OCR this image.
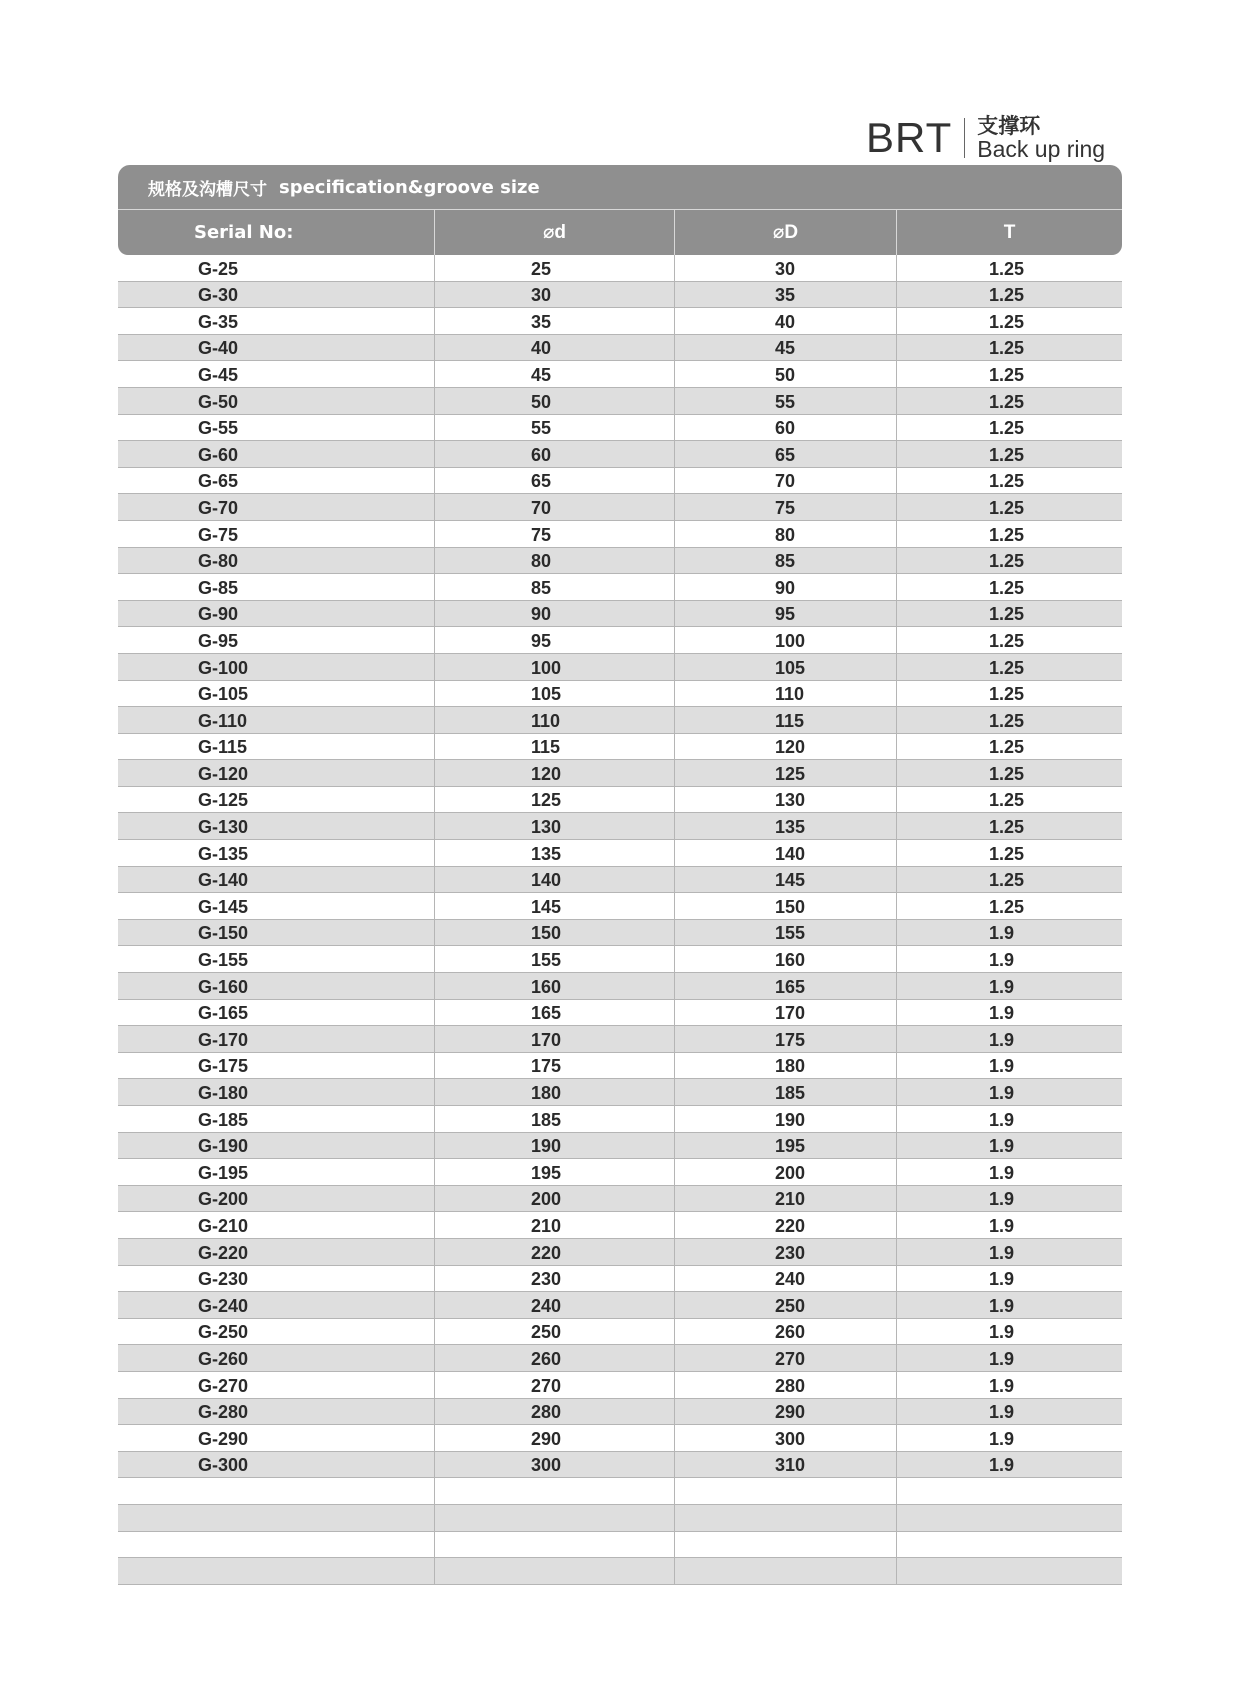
BRT 支撑环
Back up ring
规格及沟槽尺寸 specification&groove size
Serial No:	⌀d	⌀D	T
G-25	25	30	1.25
G-30	30	35	1.25
G-35	35	40	1.25
G-40	40	45	1.25
G-45	45	50	1.25
G-50	50	55	1.25
G-55	55	60	1.25
G-60	60	65	1.25
G-65	65	70	1.25
G-70	70	75	1.25
G-75	75	80	1.25
G-80	80	85	1.25
G-85	85	90	1.25
G-90	90	95	1.25
G-95	95	100	1.25
G-100	100	105	1.25
G-105	105	110	1.25
G-110	110	115	1.25
G-115	115	120	1.25
G-120	120	125	1.25
G-125	125	130	1.25
G-130	130	135	1.25
G-135	135	140	1.25
G-140	140	145	1.25
G-145	145	150	1.25
G-150	150	155	1.9
G-155	155	160	1.9
G-160	160	165	1.9
G-165	165	170	1.9
G-170	170	175	1.9
G-175	175	180	1.9
G-180	180	185	1.9
G-185	185	190	1.9
G-190	190	195	1.9
G-195	195	200	1.9
G-200	200	210	1.9
G-210	210	220	1.9
G-220	220	230	1.9
G-230	230	240	1.9
G-240	240	250	1.9
G-250	250	260	1.9
G-260	260	270	1.9
G-270	270	280	1.9
G-280	280	290	1.9
G-290	290	300	1.9
G-300	300	310	1.9
